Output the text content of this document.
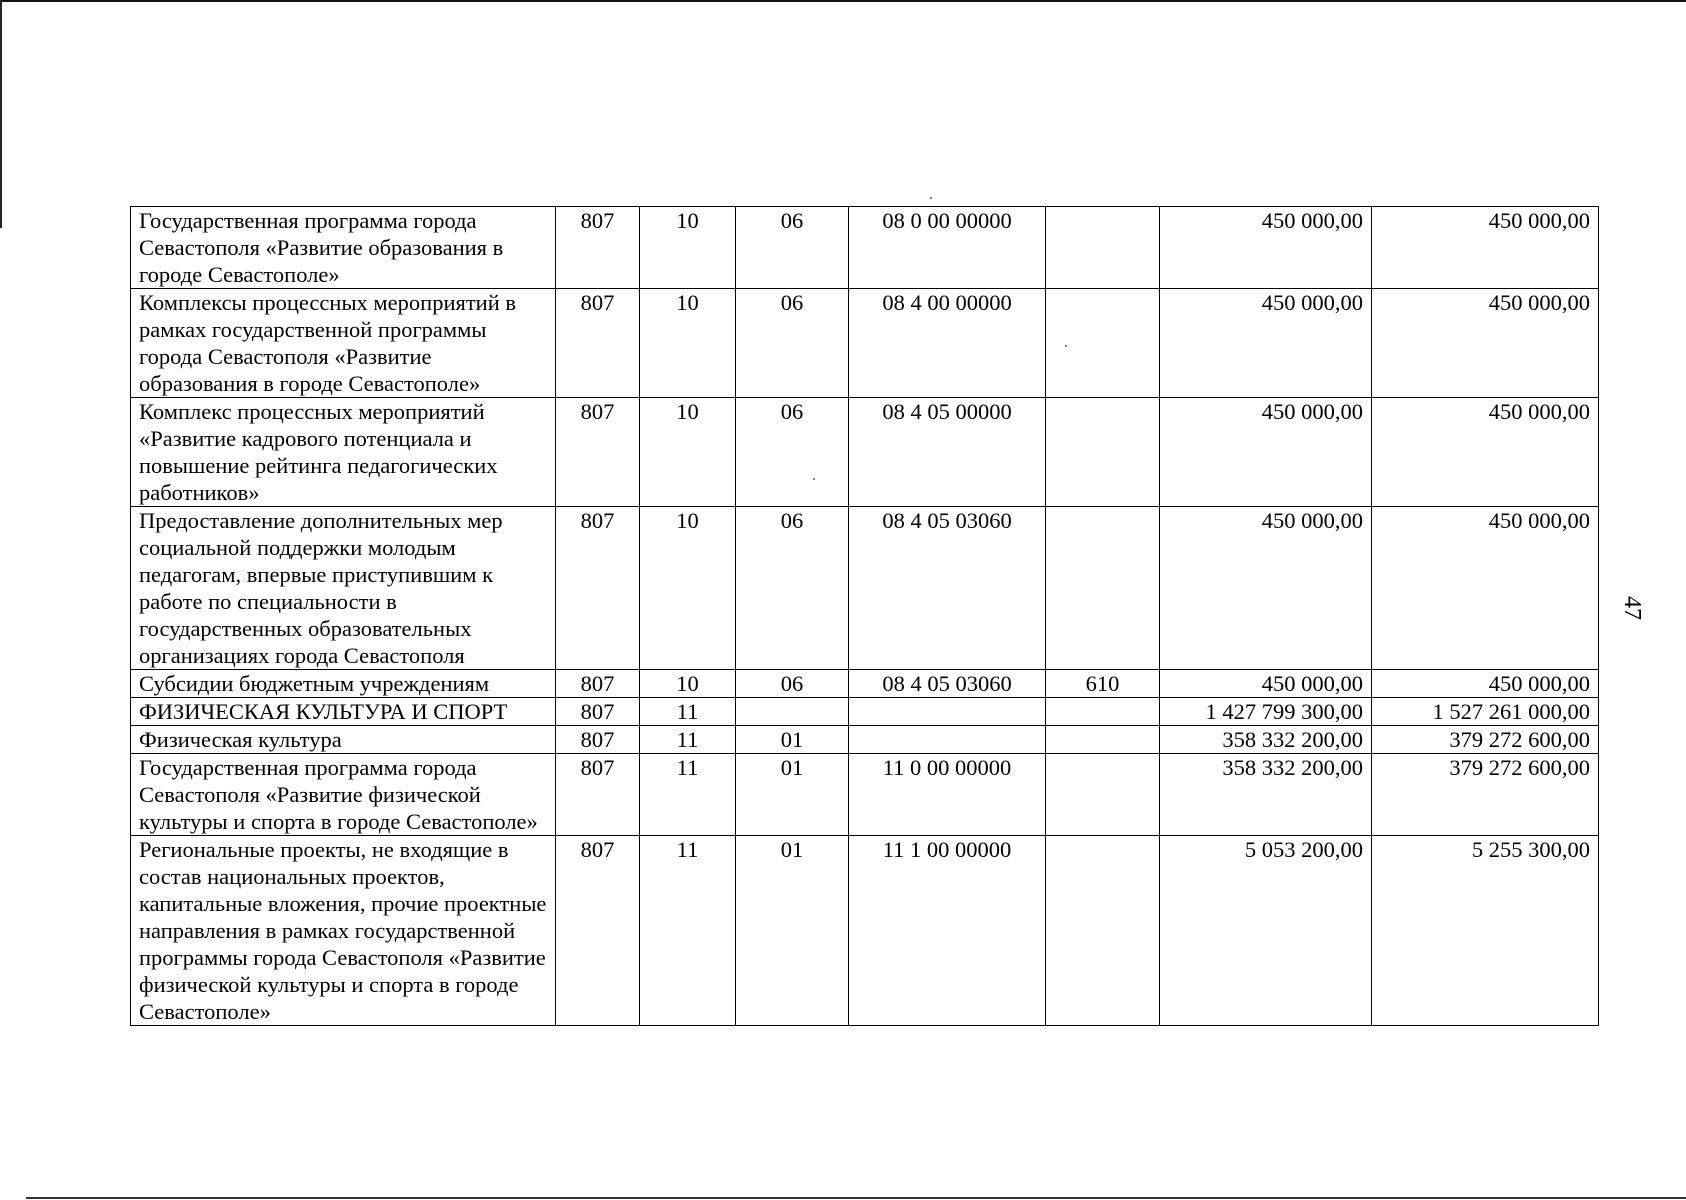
Государственная программа города Севастополя «Развитие образования в городе Севастополе»	807	10	06	08 0 00 00000		450 000,00	450 000,00
Комплексы процессных мероприятий в рамках государственной программы города Севастополя «Развитие образования в городе Севастополе»	807	10	06	08 4 00 00000		450 000,00	450 000,00
Комплекс процессных мероприятий «Развитие кадрового потенциала и повышение рейтинга педагогических работников»	807	10	06	08 4 05 00000		450 000,00	450 000,00
Предоставление дополнительных мер социальной поддержки молодым педагогам, впервые приступившим к работе по специальности в государственных образовательных организациях города Севастополя	807	10	06	08 4 05 03060		450 000,00	450 000,00
Субсидии бюджетным учреждениям	807	10	06	08 4 05 03060	610	450 000,00	450 000,00
ФИЗИЧЕСКАЯ КУЛЬТУРА И СПОРТ	807	11				1 427 799 300,00	1 527 261 000,00
Физическая культура	807	11	01			358 332 200,00	379 272 600,00
Государственная программа города Севастополя «Развитие физической культуры и спорта в городе Севастополе»	807	11	01	11 0 00 00000		358 332 200,00	379 272 600,00
Региональные проекты, не входящие в состав национальных проектов, капитальные вложения, прочие проектные направления в рамках государственной программы города Севастополя «Развитие физической культуры и спорта в городе Севастополе»	807	11	01	11 1 00 00000		5 053 200,00	5 255 300,00
47
